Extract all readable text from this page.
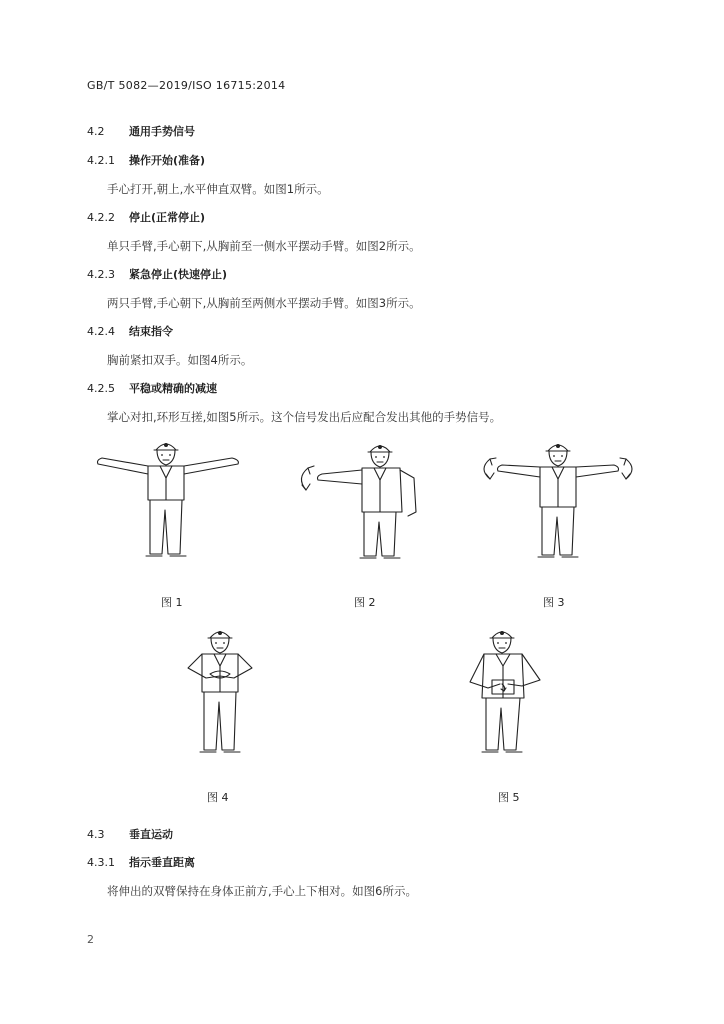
GB/T 5082—2019/ISO 16715:2014
4.2 通用手势信号
4.2.1 操作开始(准备)
手心打开,朝上,水平伸直双臂。如图1所示。
4.2.2 停止(正常停止)
单只手臂,手心朝下,从胸前至一侧水平摆动手臂。如图2所示。
4.2.3 紧急停止(快速停止)
两只手臂,手心朝下,从胸前至两侧水平摆动手臂。如图3所示。
4.2.4 结束指令
胸前紧扣双手。如图4所示。
4.2.5 平稳或精确的减速
掌心对扣,环形互搓,如图5所示。这个信号发出后应配合发出其他的手势信号。
图 1	图 2	图 3
图 4	图 5
4.3 垂直运动
4.3.1 指示垂直距离
将伸出的双臂保持在身体正前方,手心上下相对。如图6所示。
2
